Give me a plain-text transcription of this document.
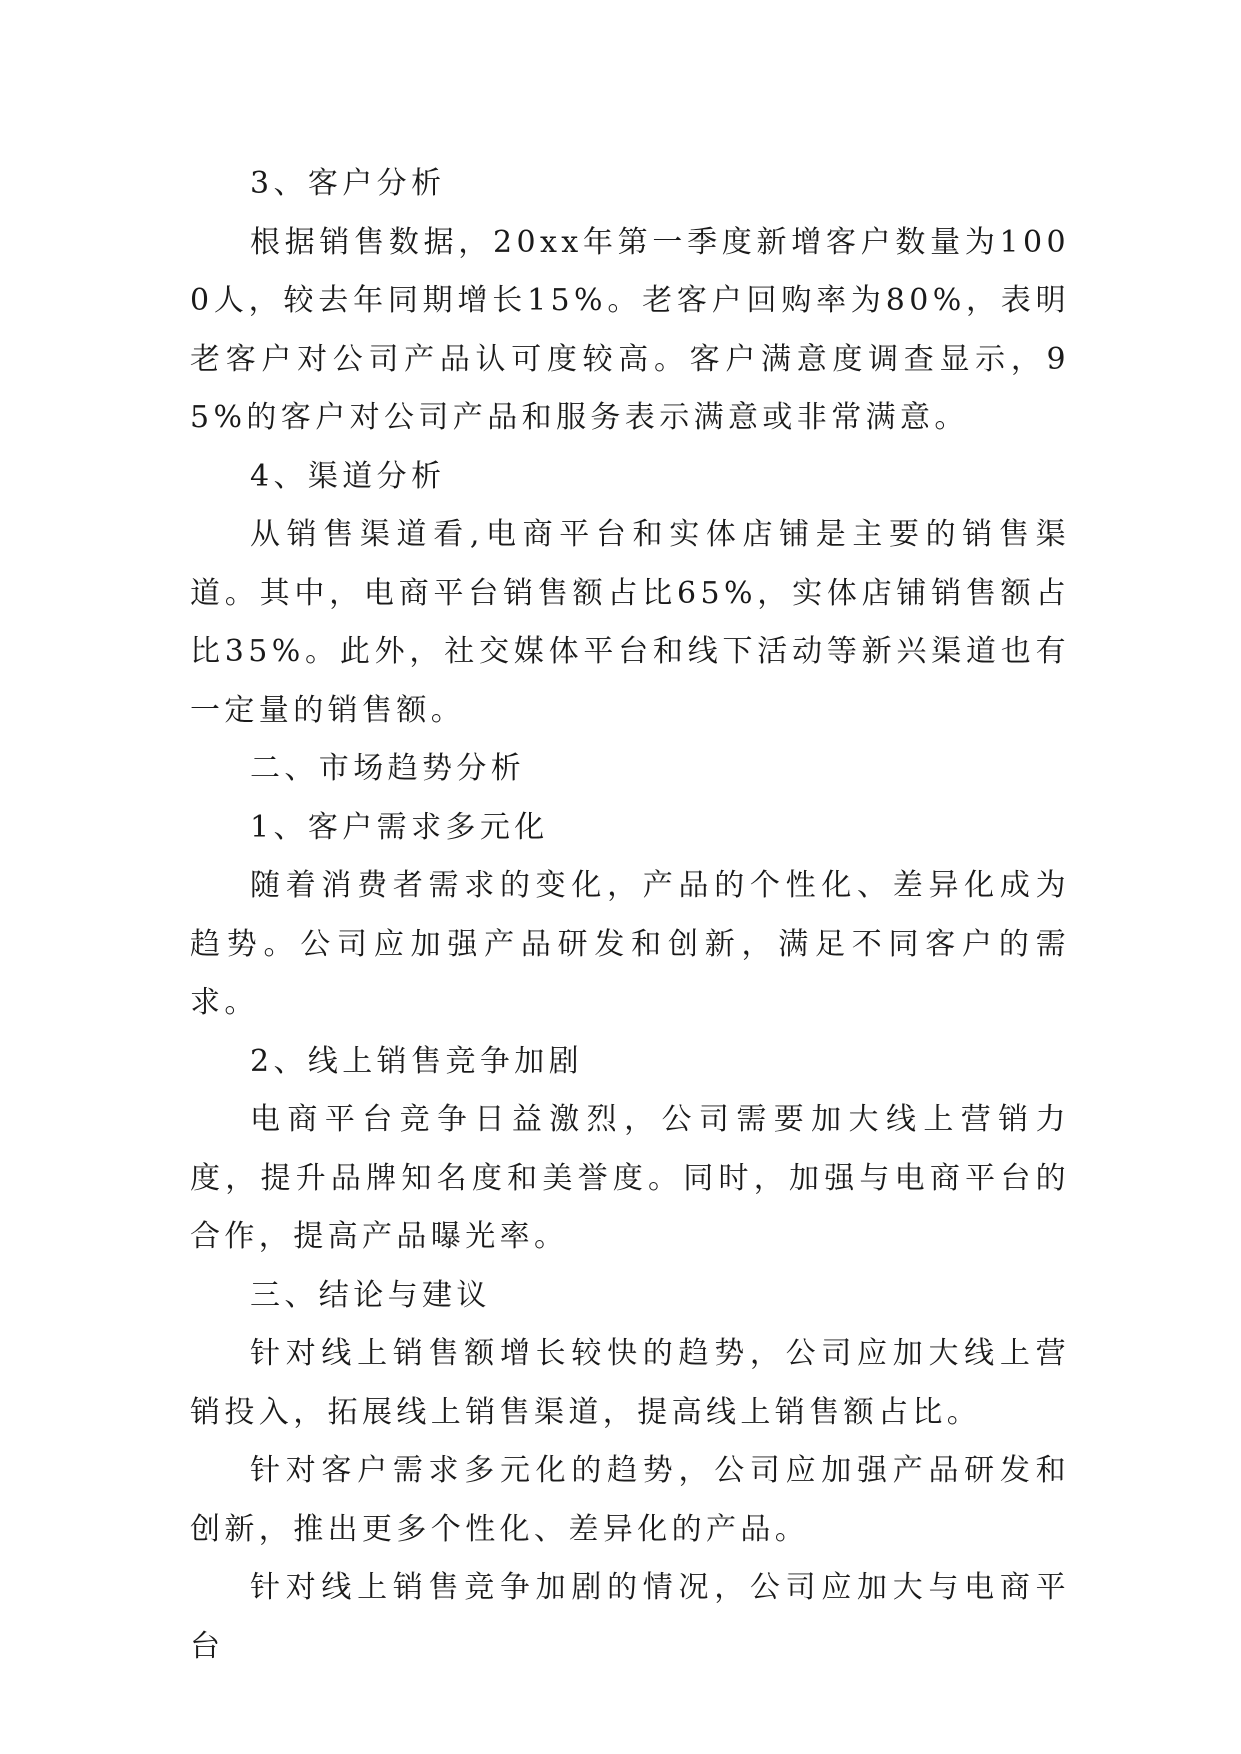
3、客户分析

根据销售数据，20xx年第一季度新增客户数量为1000人，较去年同期增长15%。老客户回购率为80%，表明老客户对公司产品认可度较高。客户满意度调查显示，95%的客户对公司产品和服务表示满意或非常满意。

4、渠道分析

从销售渠道看,电商平台和实体店铺是主要的销售渠道。其中，电商平台销售额占比65%，实体店铺销售额占比35%。此外，社交媒体平台和线下活动等新兴渠道也有一定量的销售额。

二、市场趋势分析

1、客户需求多元化

随着消费者需求的变化，产品的个性化、差异化成为趋势。公司应加强产品研发和创新，满足不同客户的需求。

2、线上销售竞争加剧

电商平台竞争日益激烈，公司需要加大线上营销力度，提升品牌知名度和美誉度。同时，加强与电商平台的合作，提高产品曝光率。

三、结论与建议

针对线上销售额增长较快的趋势，公司应加大线上营销投入，拓展线上销售渠道，提高线上销售额占比。

针对客户需求多元化的趋势，公司应加强产品研发和创新，推出更多个性化、差异化的产品。

针对线上销售竞争加剧的情况，公司应加大与电商平台
